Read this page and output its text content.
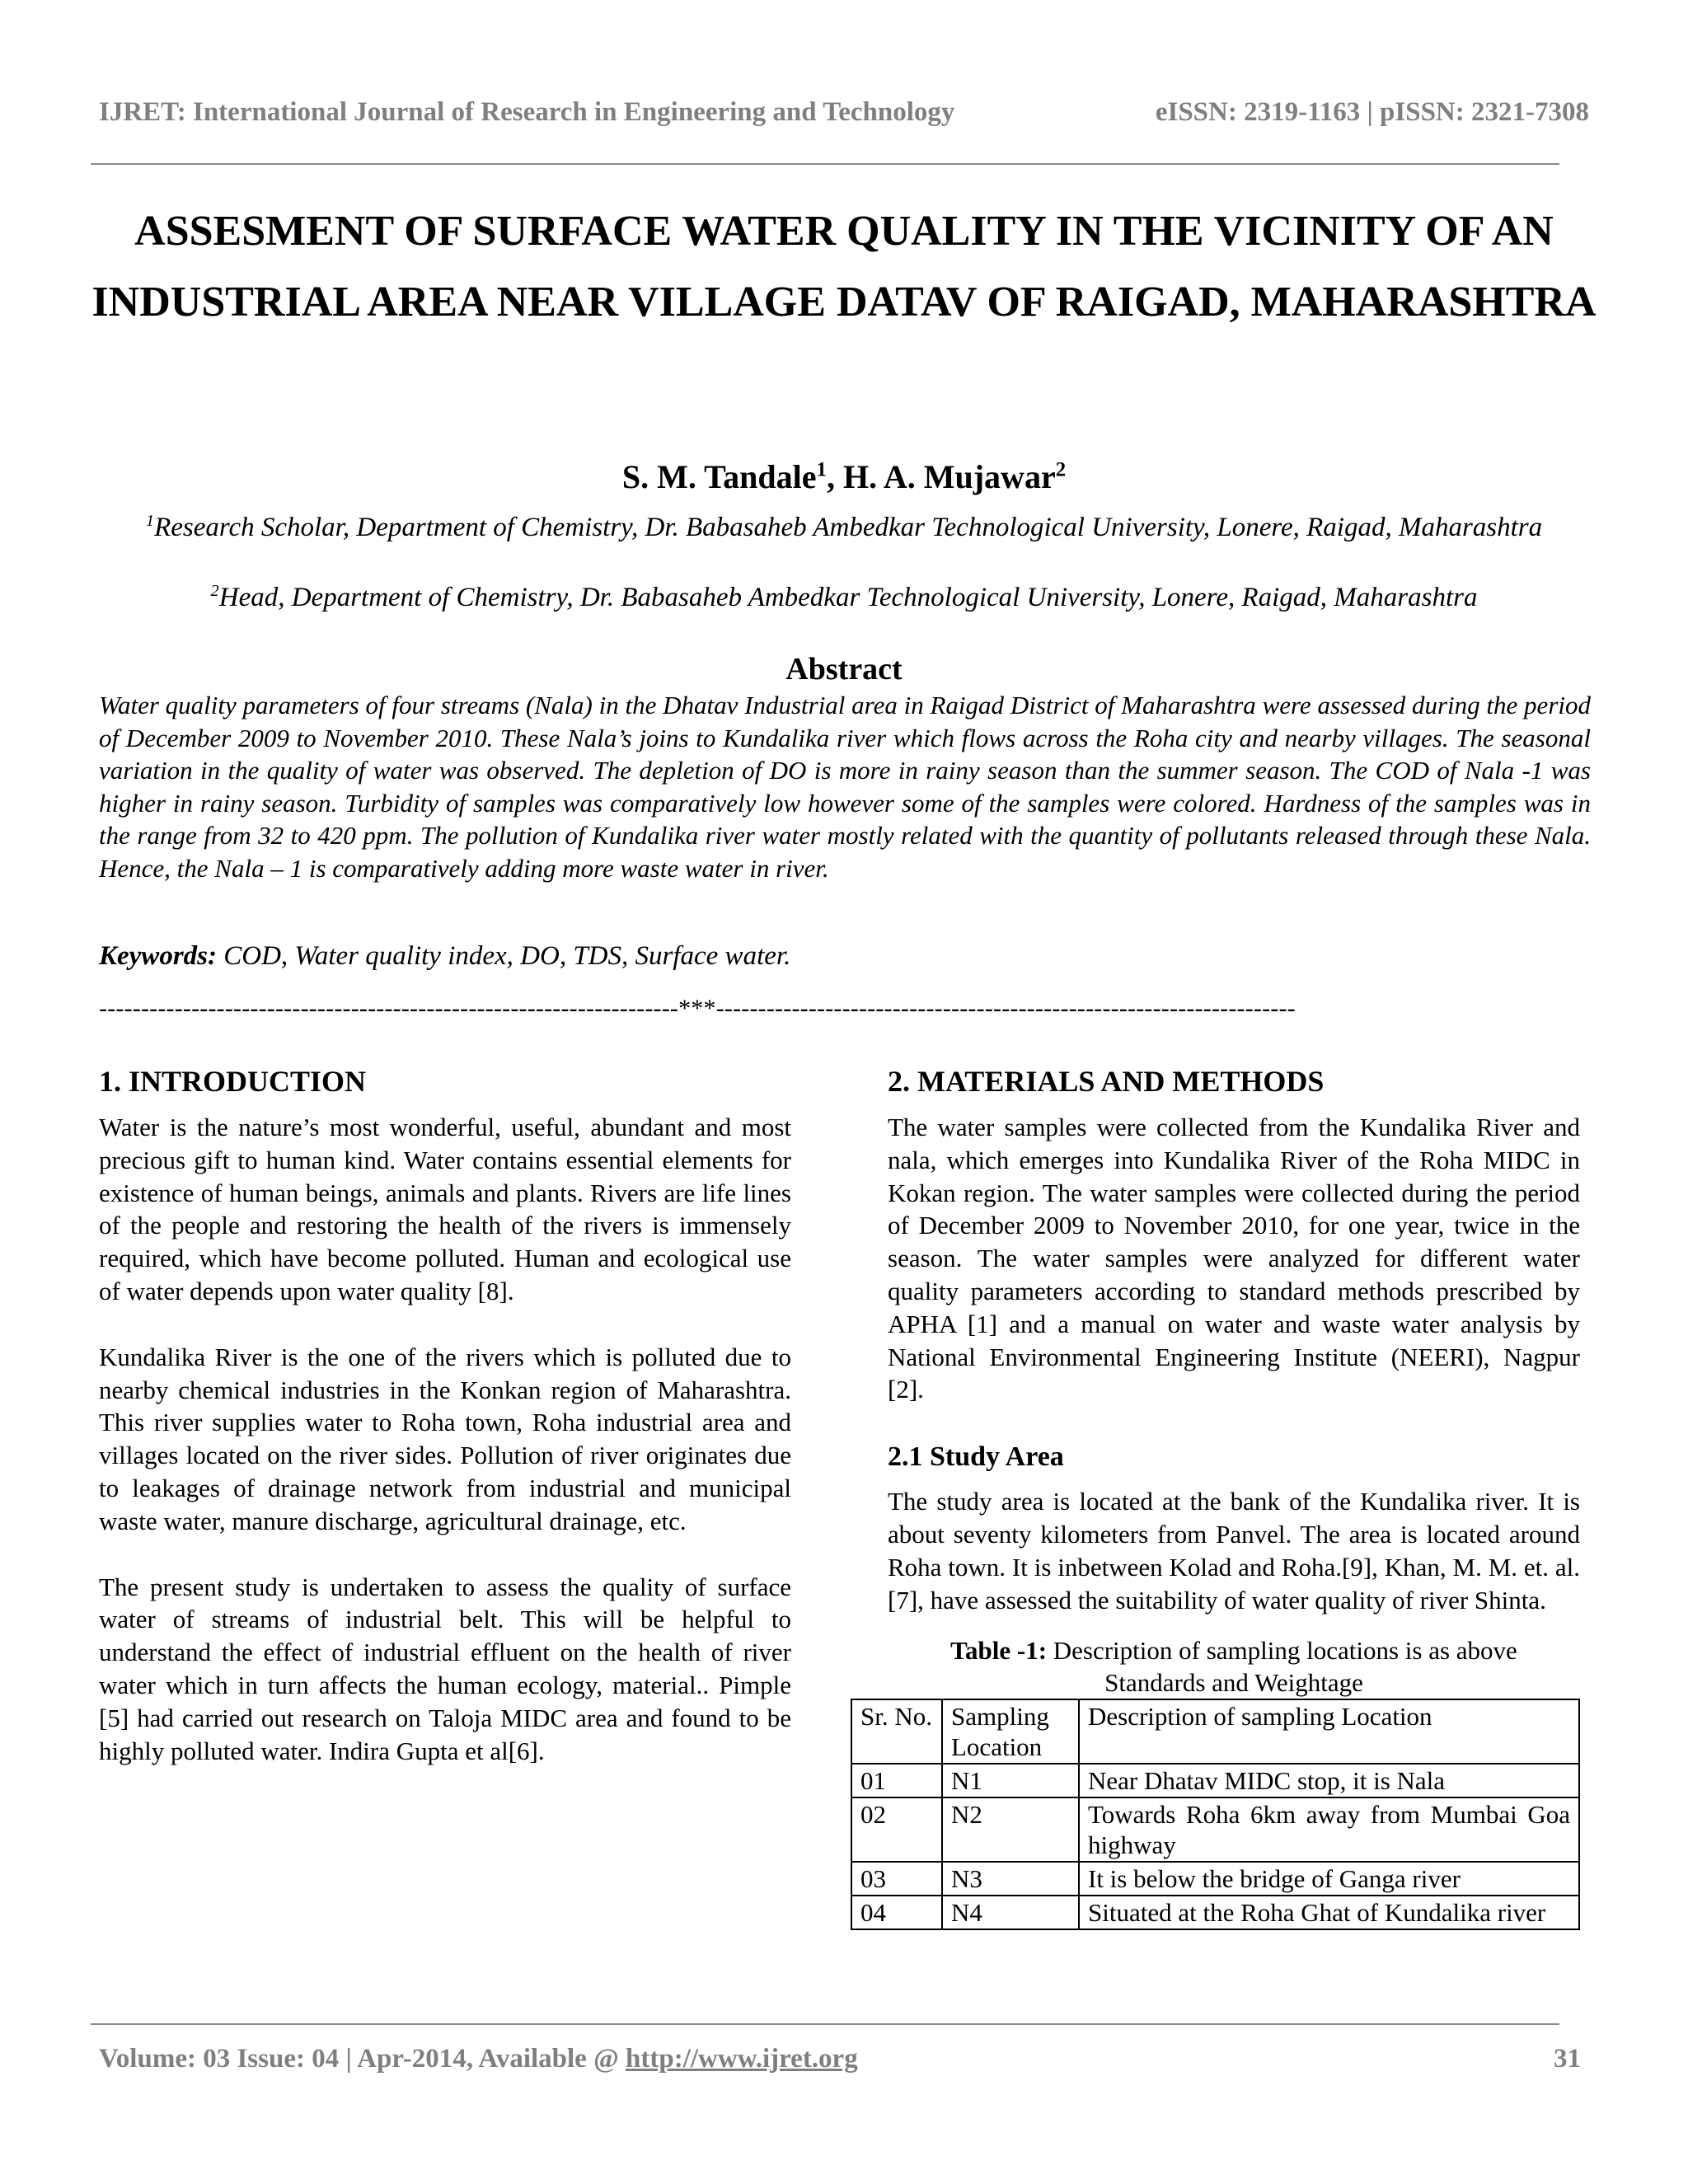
IJRET: International Journal of Research in Engineering and Technology	eISSN: 2319-1163 | pISSN: 2321-7308
ASSESMENT OF SURFACE WATER QUALITY IN THE VICINITY OF AN INDUSTRIAL AREA NEAR VILLAGE DATAV OF RAIGAD, MAHARASHTRA
S. M. Tandale$^1$, H. A. Mujawar$^2$
$^1$Research Scholar, Department of Chemistry, Dr. Babasaheb Ambedkar Technological University, Lonere, Raigad, Maharashtra
$^2$Head, Department of Chemistry, Dr. Babasaheb Ambedkar Technological University, Lonere, Raigad, Maharashtra
Abstract
Water quality parameters of four streams (Nala) in the Dhatav Industrial area in Raigad District of Maharashtra were assessed during the period of December 2009 to November 2010. These Nala’s joins to Kundalika river which flows across the Roha city and nearby villages. The seasonal variation in the quality of water was observed. The depletion of DO is more in rainy season than the summer season. The COD of Nala -1 was higher in rainy season. Turbidity of samples was comparatively low however some of the samples were colored. Hardness of the samples was in the range from 32 to 420 ppm. The pollution of Kundalika river water mostly related with the quantity of pollutants released through these Nala. Hence, the Nala – 1 is comparatively adding more waste water in river.
Keywords: COD, Water quality index, DO, TDS, Surface water.
---------------------------------------------------------------------***---------------------------------------------------------------------
1. INTRODUCTION

Water is the nature’s most wonderful, useful, abundant and most precious gift to human kind. Water contains essential elements for existence of human beings, animals and plants. Rivers are life lines of the people and restoring the health of the rivers is immensely required, which have become polluted. Human and ecological use of water depends upon water quality [8].

Kundalika River is the one of the rivers which is polluted due to nearby chemical industries in the Konkan region of Maharashtra. This river supplies water to Roha town, Roha industrial area and villages located on the river sides. Pollution of river originates due to leakages of drainage network from industrial and municipal waste water, manure discharge, agricultural drainage, etc.

The present study is undertaken to assess the quality of surface water of streams of industrial belt. This will be helpful to understand the effect of industrial effluent on the health of river water which in turn affects the human ecology, material.. Pimple [5] had carried out research on Taloja MIDC area and found to be highly polluted water. Indira Gupta et al[6].

2. MATERIALS AND METHODS

The water samples were collected from the Kundalika River and nala, which emerges into Kundalika River of the Roha MIDC in Kokan region. The water samples were collected during the period of December 2009 to November 2010, for one year, twice in the season. The water samples were analyzed for different water quality parameters according to standard methods prescribed by APHA [1] and a manual on water and waste water analysis by National Environmental Engineering Institute (NEERI), Nagpur [2].

2.1 Study Area

The study area is located at the bank of the Kundalika river. It is about seventy kilometers from Panvel. The area is located around Roha town. It is inbetween Kolad and Roha.[9], Khan, M. M. et. al. [7], have assessed the suitability of water quality of river Shinta.

Table -1: Description of sampling locations is as above
Standards and Weightage
Sr. No.	Sampling Location	Description of sampling Location
01	N1	Near Dhatav MIDC stop, it is Nala
02	N2	Towards Roha 6km away from Mumbai Goa highway
03	N3	It is below the bridge of Ganga river
04	N4	Situated at the Roha Ghat of Kundalika river
Volume: 03 Issue: 04 | Apr-2014, Available @ http://www.ijret.org	31
